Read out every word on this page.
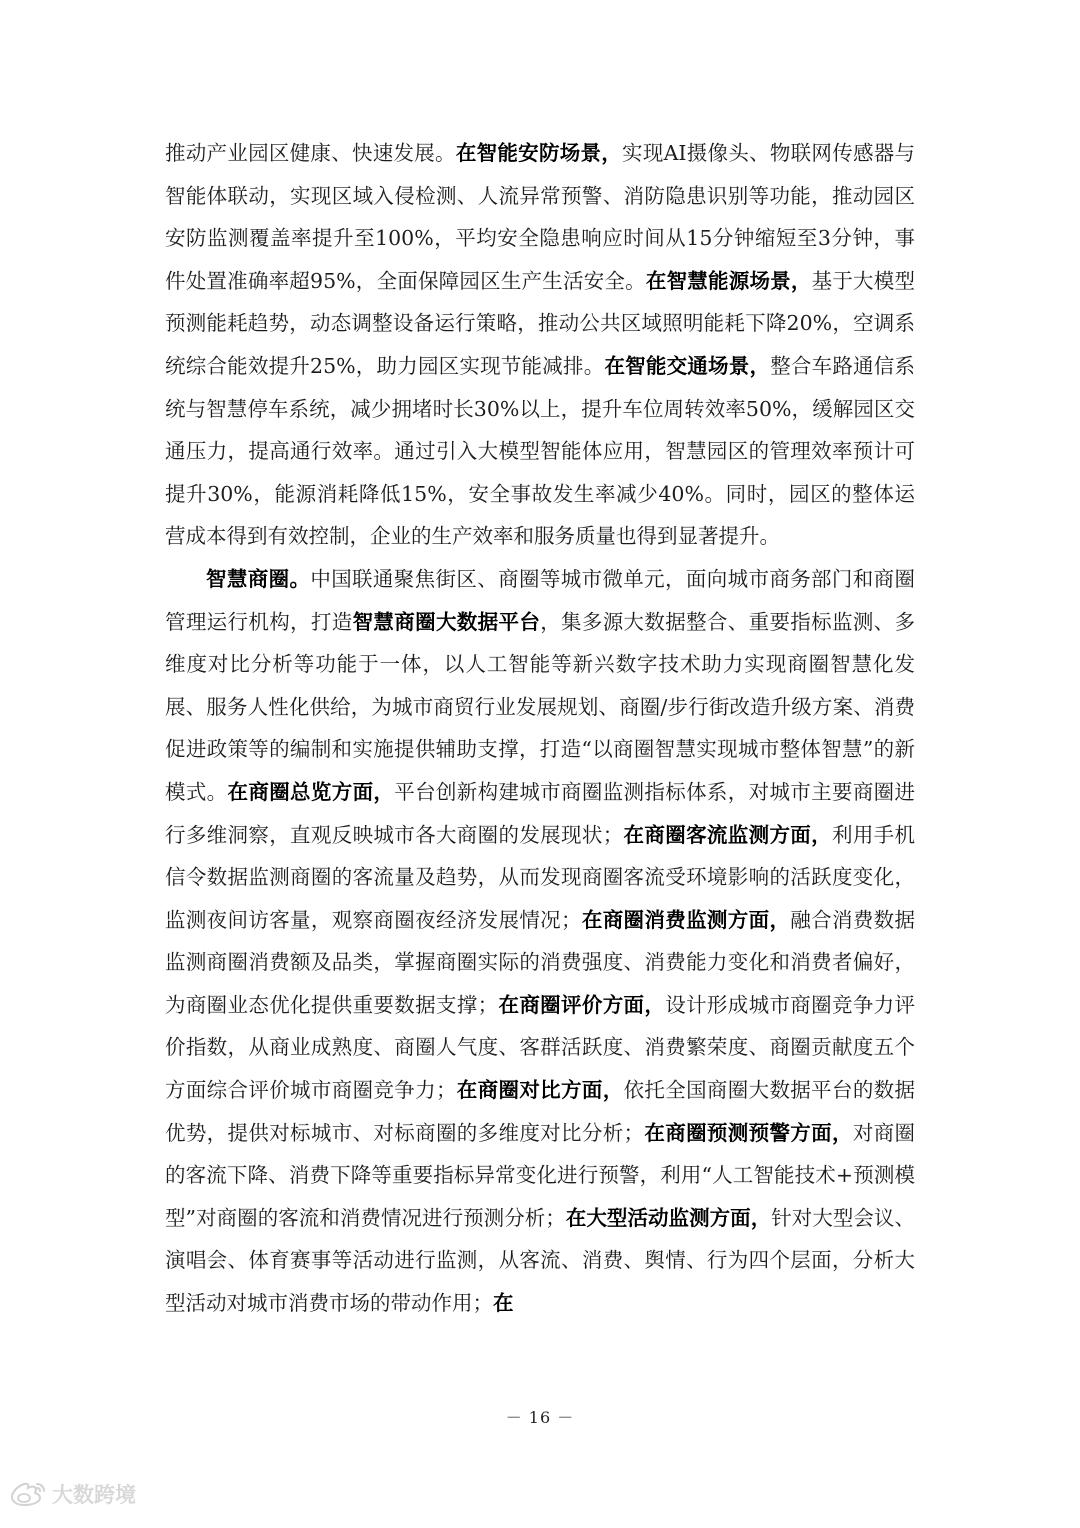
推动产业园区健康、快速发展。在智能安防场景，实现AI摄像头、物联网传感器与智能体联动，实现区域入侵检测、人流异常预警、消防隐患识别等功能，推动园区安防监测覆盖率提升至100%，平均安全隐患响应时间从15分钟缩短至3分钟，事件处置准确率超95%，全面保障园区生产生活安全。在智慧能源场景，基于大模型预测能耗趋势，动态调整设备运行策略，推动公共区域照明能耗下降20%，空调系统综合能效提升25%，助力园区实现节能减排。在智能交通场景，整合车路通信系统与智慧停车系统，减少拥堵时长30%以上，提升车位周转效率50%，缓解园区交通压力，提高通行效率。通过引入大模型智能体应用，智慧园区的管理效率预计可提升30%，能源消耗降低15%，安全事故发生率减少40%。同时，园区的整体运营成本得到有效控制，企业的生产效率和服务质量也得到显著提升。

智慧商圈。中国联通聚焦街区、商圈等城市微单元，面向城市商务部门和商圈管理运行机构，打造智慧商圈大数据平台，集多源大数据整合、重要指标监测、多维度对比分析等功能于一体，以人工智能等新兴数字技术助力实现商圈智慧化发展、服务人性化供给，为城市商贸行业发展规划、商圈/步行街改造升级方案、消费促进政策等的编制和实施提供辅助支撑，打造“以商圈智慧实现城市整体智慧”的新模式。在商圈总览方面，平台创新构建城市商圈监测指标体系，对城市主要商圈进行多维洞察，直观反映城市各大商圈的发展现状；在商圈客流监测方面，利用手机信令数据监测商圈的客流量及趋势，从而发现商圈客流受环境影响的活跃度变化，监测夜间访客量，观察商圈夜经济发展情况；在商圈消费监测方面，融合消费数据监测商圈消费额及品类，掌握商圈实际的消费强度、消费能力变化和消费者偏好，为商圈业态优化提供重要数据支撑；在商圈评价方面，设计形成城市商圈竞争力评价指数，从商业成熟度、商圈人气度、客群活跃度、消费繁荣度、商圈贡献度五个方面综合评价城市商圈竞争力；在商圈对比方面，依托全国商圈大数据平台的数据优势，提供对标城市、对标商圈的多维度对比分析；在商圈预测预警方面，对商圈的客流下降、消费下降等重要指标异常变化进行预警，利用“人工智能技术+预测模型”对商圈的客流和消费情况进行预测分析；在大型活动监测方面，针对大型会议、演唱会、体育赛事等活动进行监测，从客流、消费、舆情、行为四个层面，分析大型活动对城市消费市场的带动作用；在

－ 16 －
大数跨境
